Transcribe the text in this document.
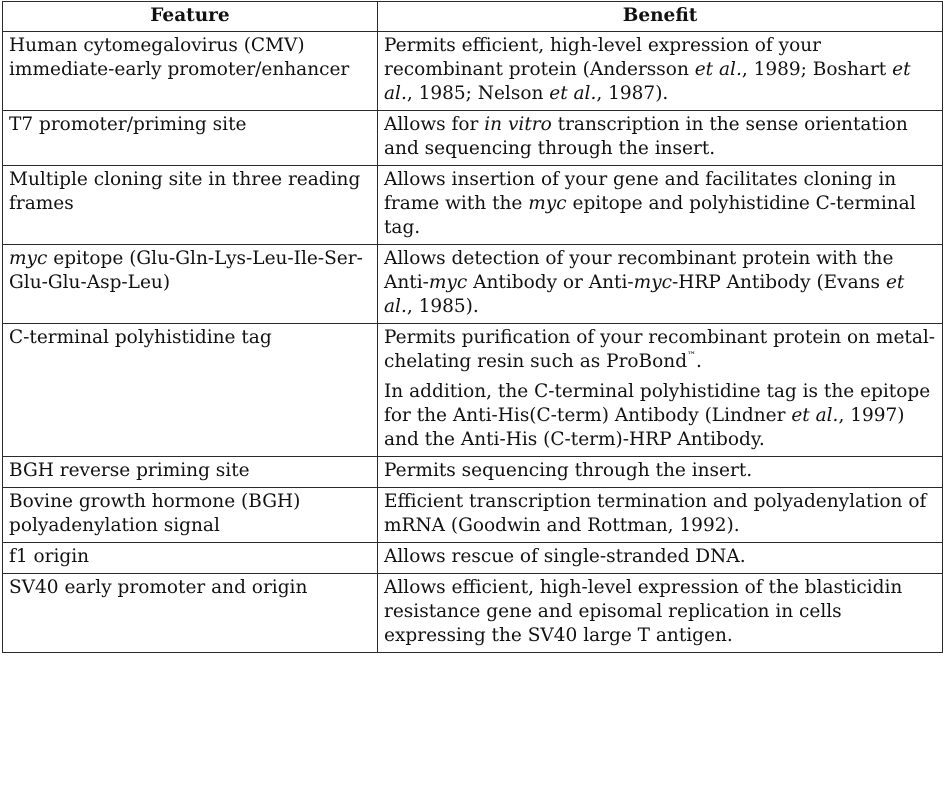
Feature	Benefit
Human cytomegalovirus (CMV) immediate-early promoter/enhancer	Permits efficient, high-level expression of your recombinant protein (Andersson et al., 1989; Boshart et al., 1985; Nelson et al., 1987).

T7 promoter/priming site	Allows for in vitro transcription in the sense orientation and sequencing through the insert.

Multiple cloning site in three reading frames	Allows insertion of your gene and facilitates cloning in frame with the myc epitope and polyhistidine C-terminal tag.

myc epitope (Glu-Gln-Lys-Leu-Ile-Ser-Glu-Glu-Asp-Leu)	Allows detection of your recombinant protein with the Anti-myc Antibody or Anti-myc-HRP Antibody (Evans et al., 1985).

C-terminal polyhistidine tag	Permits purification of your recombinant protein on metal-chelating resin such as ProBond™.
In addition, the C-terminal polyhistidine tag is the epitope for the Anti-His(C-term) Antibody (Lindner et al., 1997) and the Anti-His (C-term)-HRP Antibody.

BGH reverse priming site	Permits sequencing through the insert.

Bovine growth hormone (BGH) polyadenylation signal	Efficient transcription termination and polyadenylation of mRNA (Goodwin and Rottman, 1992).

f1 origin	Allows rescue of single-stranded DNA.

SV40 early promoter and origin	Allows efficient, high-level expression of the blasticidin resistance gene and episomal replication in cells expressing the SV40 large T antigen.
